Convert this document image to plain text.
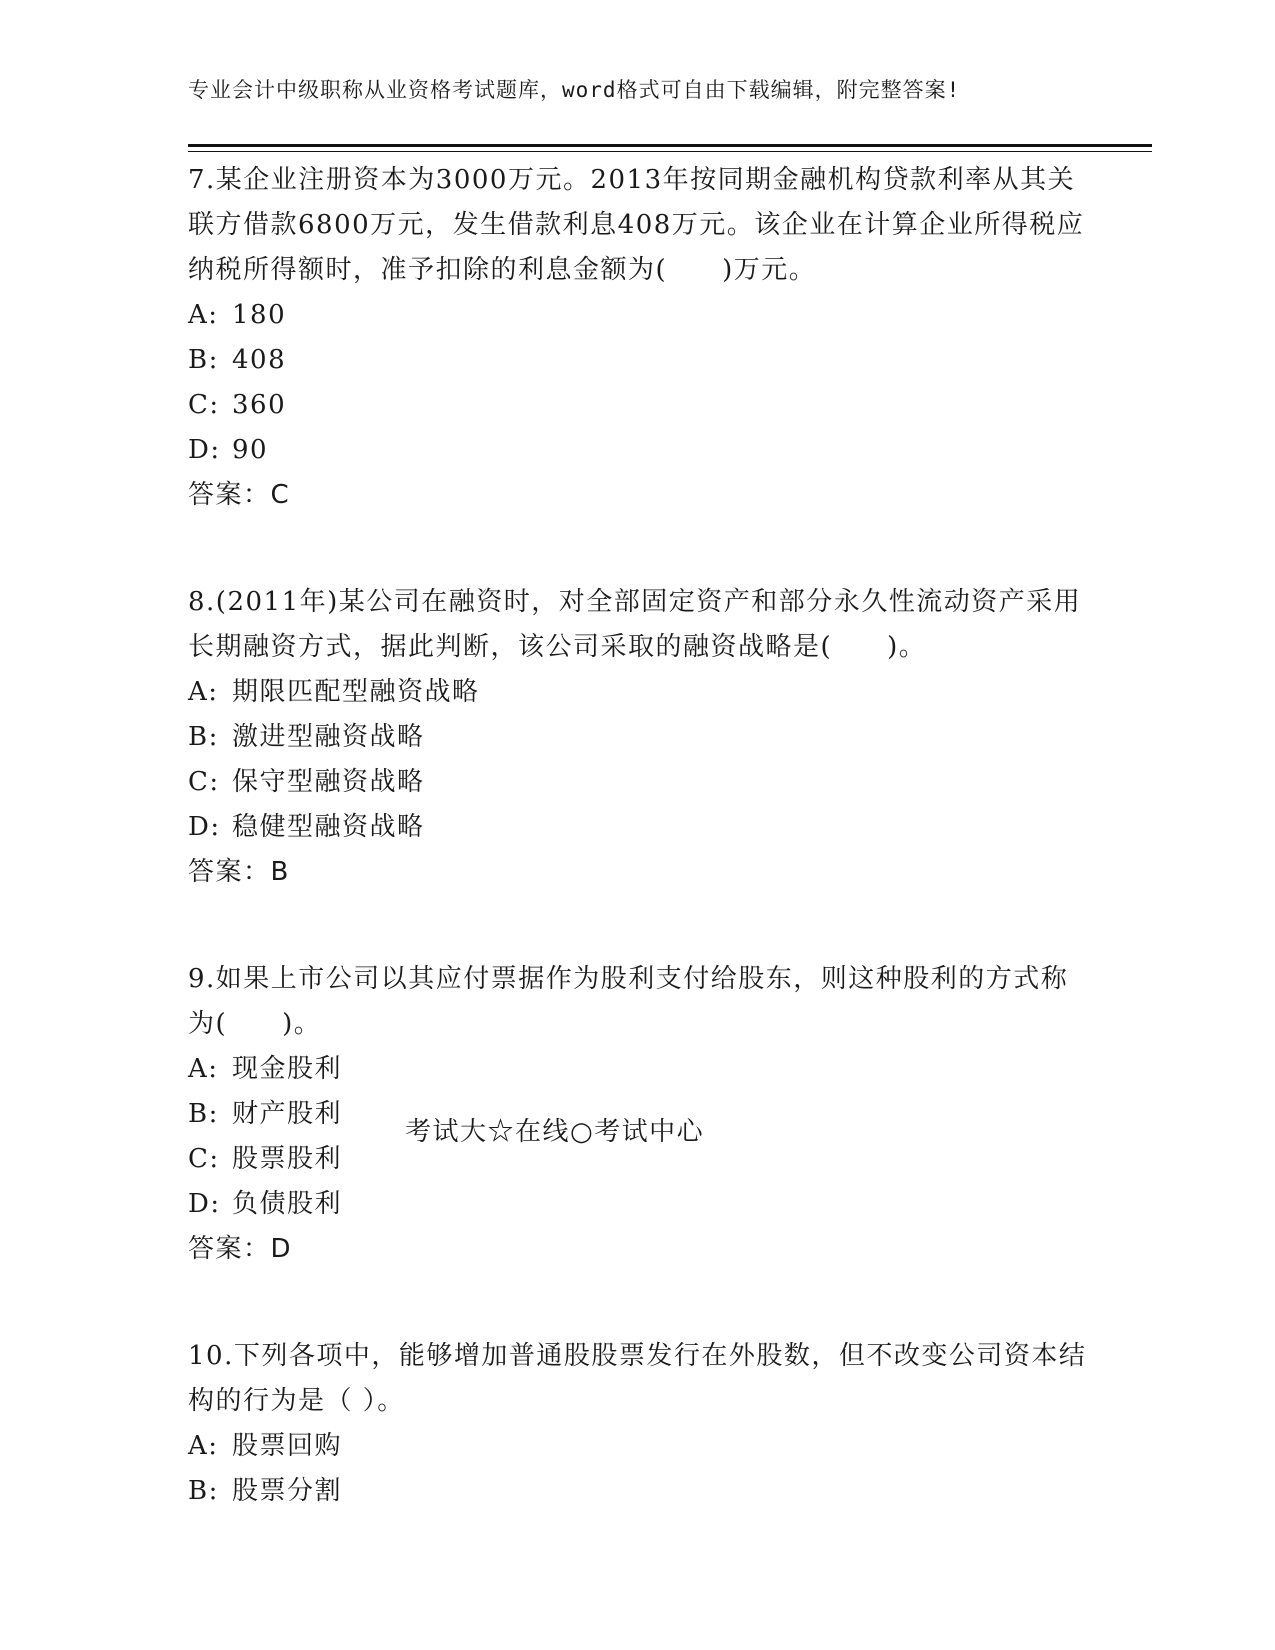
专业会计中级职称从业资格考试题库，word格式可自由下载编辑，附完整答案!

7.某企业注册资本为3000万元。2013年按同期金融机构贷款利率从其关联方借款6800万元，发生借款利息408万元。该企业在计算企业所得税应纳税所得额时，准予扣除的利息金额为(　　)万元。

A: 180

B: 408

C: 360

D: 90

答案：C

8.(2011年)某公司在融资时，对全部固定资产和部分永久性流动资产采用长期融资方式，据此判断，该公司采取的融资战略是(　　)。

A: 期限匹配型融资战略

B: 激进型融资战略

C: 保守型融资战略

D: 稳健型融资战略

答案：B

9.如果上市公司以其应付票据作为股利支付给股东，则这种股利的方式称为(　　)。

A: 现金股利

B: 财产股利

C: 股票股利

D: 负债股利

答案：D

10.下列各项中，能够增加普通股股票发行在外股数，但不改变公司资本结构的行为是（ ）。

A: 股票回购

B: 股票分割

考试大☆在线○考试中心
